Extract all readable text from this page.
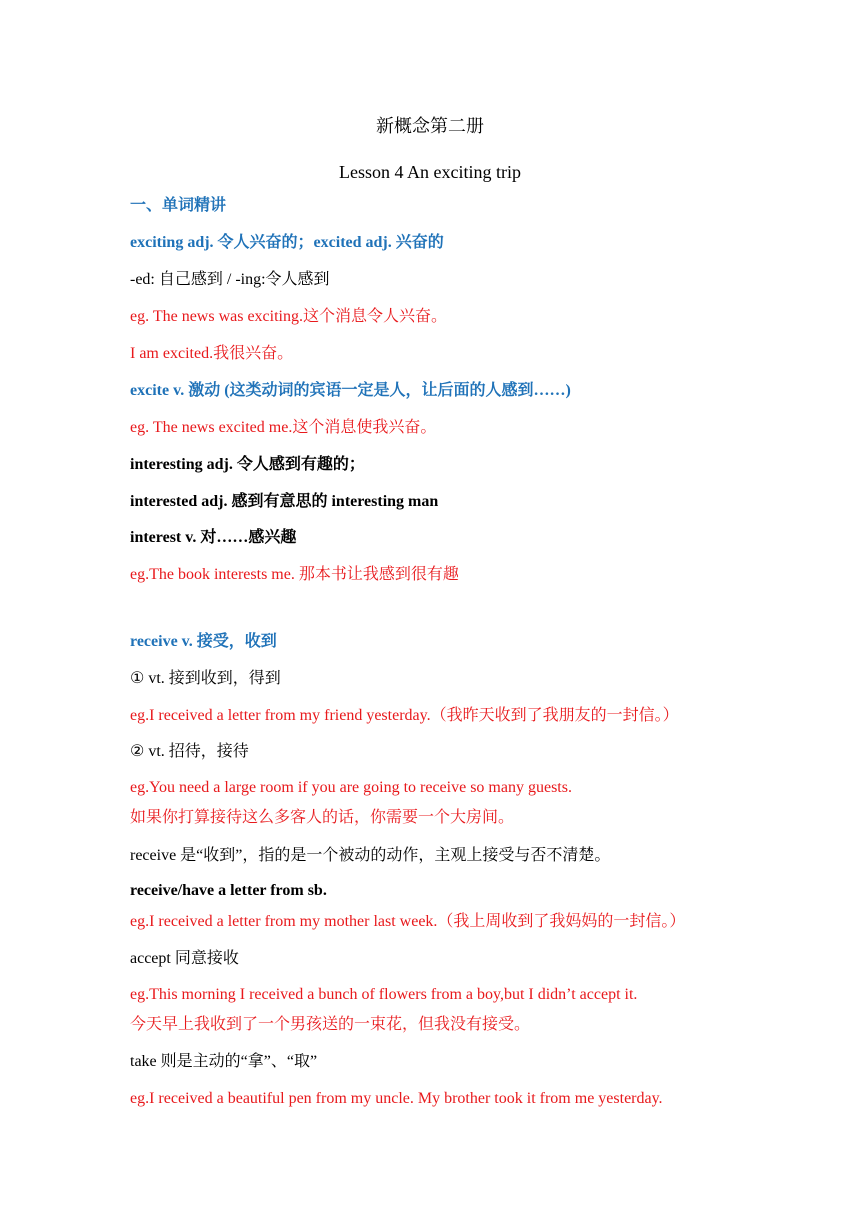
新概念第二册
Lesson 4 An exciting trip
一、单词精讲
exciting adj. 令人兴奋的；excited adj. 兴奋的
-ed: 自己感到 / -ing:令人感到
eg. The news was exciting.这个消息令人兴奋。
I am excited.我很兴奋。
excite v. 激动 (这类动词的宾语一定是人，让后面的人感到……)
eg. The news excited me.这个消息使我兴奋。
interesting adj. 令人感到有趣的；
interested adj. 感到有意思的 interesting man
interest v. 对……感兴趣
eg.The book interests me. 那本书让我感到很有趣
receive v. 接受，收到
① vt. 接到收到，得到
eg.I received a letter from my friend yesterday.（我昨天收到了我朋友的一封信。）
② vt. 招待，接待
eg.You need a large room if you are going to receive so many guests.
如果你打算接待这么多客人的话，你需要一个大房间。
receive 是“收到”，指的是一个被动的动作，主观上接受与否不清楚。
receive/have a letter from sb.
eg.I received a letter from my mother last week.（我上周收到了我妈妈的一封信。）
accept 同意接收
eg.This morning I received a bunch of flowers from a boy,but I didn’t accept it.
今天早上我收到了一个男孩送的一束花，但我没有接受。
take 则是主动的“拿”、“取”
eg.I received a beautiful pen from my uncle. My brother took it from me yesterday.
